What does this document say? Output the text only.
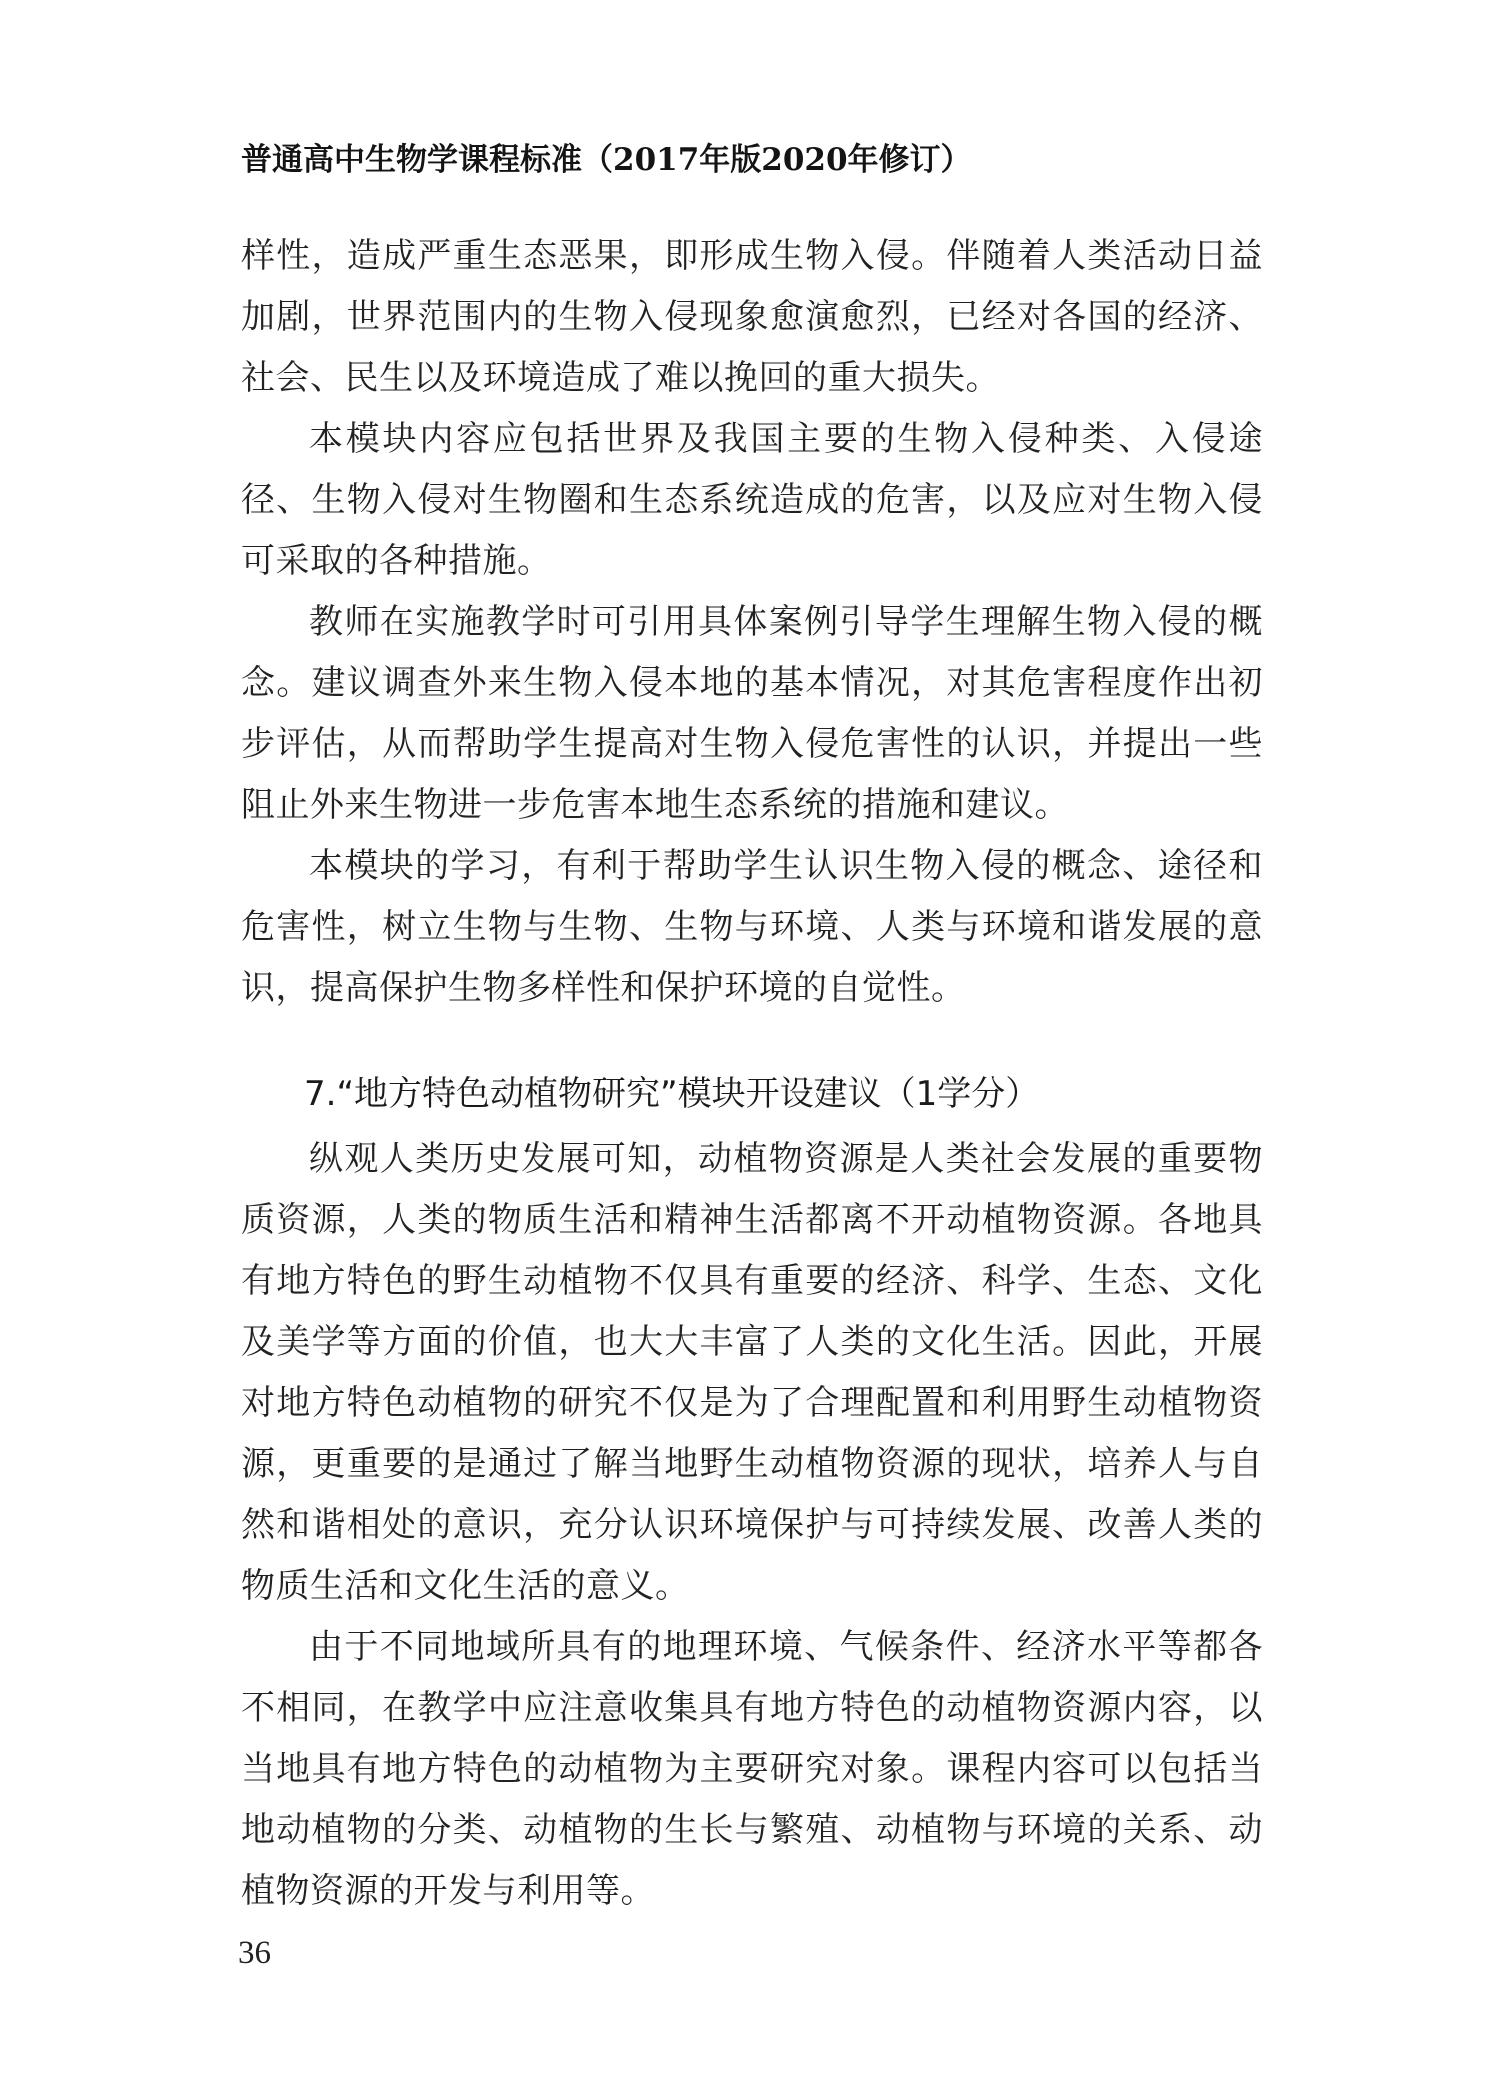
普通高中生物学课程标准（2017年版2020年修订）

样性，造成严重生态恶果，即形成生物入侵。伴随着人类活动日益加剧，世界范围内的生物入侵现象愈演愈烈，已经对各国的经济、社会、民生以及环境造成了难以挽回的重大损失。

本模块内容应包括世界及我国主要的生物入侵种类、入侵途径、生物入侵对生物圈和生态系统造成的危害，以及应对生物入侵可采取的各种措施。

教师在实施教学时可引用具体案例引导学生理解生物入侵的概念。建议调查外来生物入侵本地的基本情况，对其危害程度作出初步评估，从而帮助学生提高对生物入侵危害性的认识，并提出一些阻止外来生物进一步危害本地生态系统的措施和建议。

本模块的学习，有利于帮助学生认识生物入侵的概念、途径和危害性，树立生物与生物、生物与环境、人类与环境和谐发展的意识，提高保护生物多样性和保护环境的自觉性。

7.“地方特色动植物研究”模块开设建议（1学分）

纵观人类历史发展可知，动植物资源是人类社会发展的重要物质资源，人类的物质生活和精神生活都离不开动植物资源。各地具有地方特色的野生动植物不仅具有重要的经济、科学、生态、文化及美学等方面的价值，也大大丰富了人类的文化生活。因此，开展对地方特色动植物的研究不仅是为了合理配置和利用野生动植物资源，更重要的是通过了解当地野生动植物资源的现状，培养人与自然和谐相处的意识，充分认识环境保护与可持续发展、改善人类的物质生活和文化生活的意义。

由于不同地域所具有的地理环境、气候条件、经济水平等都各不相同，在教学中应注意收集具有地方特色的动植物资源内容，以当地具有地方特色的动植物为主要研究对象。课程内容可以包括当地动植物的分类、动植物的生长与繁殖、动植物与环境的关系、动植物资源的开发与利用等。

36
